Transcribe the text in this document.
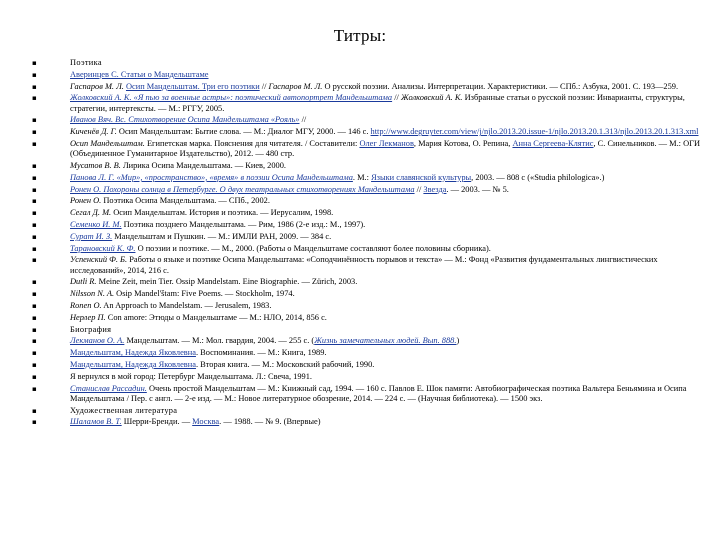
Титры:
▪	Поэтика
▪	Аверинцев С. Статьи о Мандельштаме
▪	Гаспаров М. Л. Осип Мандельштам. Три его поэтики // Гаспаров М. Л. О русской поэзии. Анализы. Интерпретации. Характеристики. — СПб.: Азбука, 2001. С. 193—259.
▪	Жолковский А. К. «Я пью за военные астры»: поэтический автопортрет Мандельштама // Жолковский А. К. Избранные статьи о русской поэзии: Инварианты, структуры, стратегии, интертексты. — М.: РГГУ, 2005.
▪	Иванов Вяч. Вс. Стихотворение Осипа Мандельштама «Рояль» //
▪	Киченёв Д. Г. Осип Мандельштам: Бытие слова. — М.: Диалог МГУ, 2000. — 146 с. http://www.degruyter.com/view/j/njlo.2013.20.issue-1/njlo.2013.20.1.313/njlo.2013.20.1.313.xml
▪	Осип Мандельштам. Египетская марка. Пояснения для читателя. / Составители: Олег Лекманов, Мария Котова, О. Репина, Анна Сергеева-Клятис, С. Синельников. — М.: ОГИ (Объединенное Гуманитарное Издательство), 2012. — 480 стр.
▪	Мусатов В. В. Лирика Осипа Мандельштама. — Киев, 2000.
▪	Панова Л. Г. «Мир», «пространство», «время» в поэзии Осипа Мандельштама. М.: Языки славянской культуры, 2003. — 808 с («Studia philologica».)
▪	Ронен О. Похороны солнца в Петербурге. О двух театральных стихотворениях Мандельштама // Звезда. — 2003. — № 5.
▪	Ронен О. Поэтика Осипа Мандельштама. — СПб., 2002.
▪	Сегал Д. М. Осип Мандельштам. История и поэтика. — Иерусалим, 1998.
▪	Семенко И. М. Поэтика позднего Мандельштама. — Рим, 1986 (2-е изд.: М., 1997).
▪	Сурат И. З. Мандельштам и Пушкин. — М.: ИМЛИ РАН, 2009. — 384 с.
▪	Тарановский К. Ф. О поэзии и поэтике. — М., 2000. (Работы о Мандельштаме составляют более половины сборника).
▪	Успенский Ф. Б. Работы о языке и поэтике Осипа Мандельштама: «Соподчинённость порывов и текста» — М.: Фонд «Развития фундаментальных лингвистических исследований», 2014, 216 с.
▪	Dutli R. Meine Zeit, mein Tier. Ossip Mandelstam. Eine Biographie. — Zürich, 2003.
▪	Nilsson N. A. Osip Mandel'štam: Five Poems. — Stockholm, 1974.
▪	Ronen O. An Approach to Mandelstam. — Jerusalem, 1983.
▪	Нерлер П. Con amore: Этюды о Мандельштаме — М.: НЛО, 2014, 856 с.
▪	Биография
▪	Лекманов О. А. Мандельштам. — М.: Мол. гвардия, 2004. — 255 с. (Жизнь замечательных людей. Вып. 888.)
▪	Мандельштам, Надежда Яковлевна. Воспоминания. — М.: Книга, 1989.
▪	Мандельштам, Надежда Яковлевна. Вторая книга. — М.: Московский рабочий, 1990.
▪	Я вернулся в мой город: Петербург Мандельштама. Л.: Свеча, 1991.
▪	Станислав Рассадин. Очень простой Мандельштам — М.: Книжный сад, 1994. — 160 с. Павлов Е. Шок памяти: Автобиографическая поэтика Вальтера Беньямина и Осипа Мандельштама / Пер. с англ. — 2-е изд. — М.: Новое литературное обозрение, 2014. — 224 с. — (Научная библиотека). — 1500 экз.
▪	Художественная литература
▪	Шаламов В. Т. Шерри-Бренди. — Москва. — 1988. — № 9. (Впервые)
